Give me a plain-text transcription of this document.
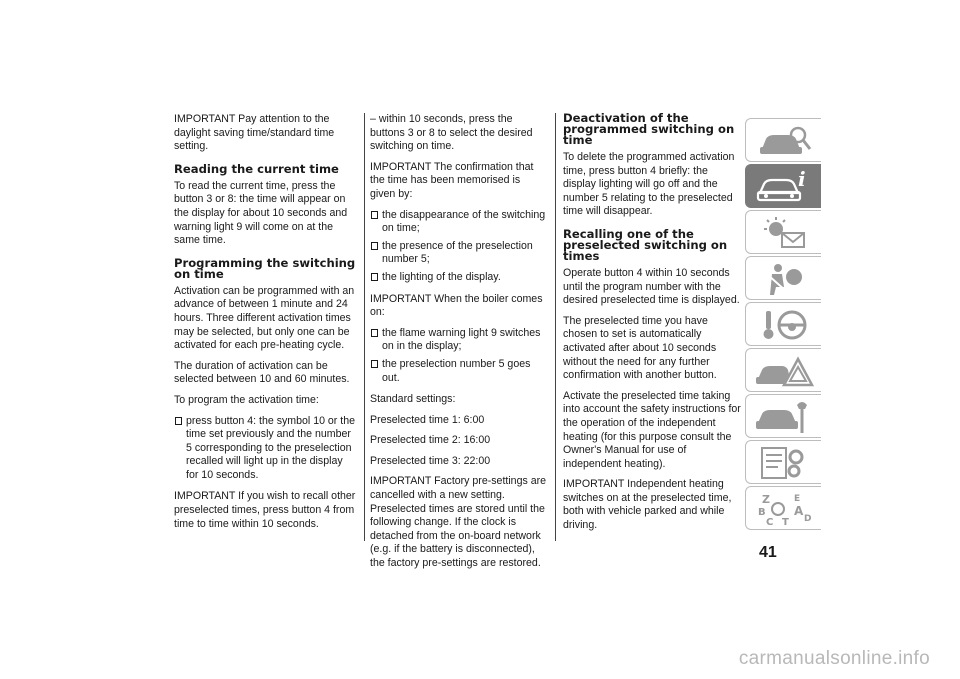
IMPORTANT Pay attention to the daylight saving time/standard time setting.

Reading the current time

To read the current time, press the button 3 or 8: the time will appear on the display for about 10 seconds and warning light 9 will come on at the same time.

Programming the switching on time

Activation can be programmed with an advance of between 1 minute and 24 hours. Three different activation times may be selected, but only one can be activated for each pre-heating cycle.

The duration of activation can be selected between 10 and 60 minutes.

To program the activation time:

press button 4: the symbol 10 or the time set previously and the number 5 corresponding to the preselection recalled will light up in the display for 10 seconds.

IMPORTANT If you wish to recall other preselected times, press button 4 from time to time within 10 seconds.

– within 10 seconds, press the buttons 3 or 8 to select the desired switching on time.

IMPORTANT The confirmation that the time has been memorised is given by:

the disappearance of the switching on time;

the presence of the preselection number 5;

the lighting of the display.

IMPORTANT When the boiler comes on:

the flame warning light 9 switches on in the display;

the preselection number 5 goes out.

Standard settings:

Preselected time 1: 6:00

Preselected time 2: 16:00

Preselected time 3: 22:00

IMPORTANT Factory pre-settings are cancelled with a new setting. Preselected times are stored until the following change. If the clock is detached from the on-board network (e.g. if the battery is disconnected), the factory pre-settings are restored.

Deactivation of the programmed switching on time

To delete the programmed activation time, press button 4 briefly: the display lighting will go off and the number 5 relating to the preselected time will disappear.

Recalling one of the preselected switching on times

Operate button 4 within 10 seconds until the program number with the desired preselected time is displayed.

The preselected time you have chosen to set is automatically activated after about 10 seconds without the need for any further confirmation with another button.

Activate the preselected time taking into account the safety instructions for the operation of the independent heating (for this purpose consult the Owner's Manual for use of independent heating).

IMPORTANT Independent heating switches on at the preselected time, both with vehicle parked and while driving.

i
Z	E
B A
C T D
41
carmanualsonline.info
